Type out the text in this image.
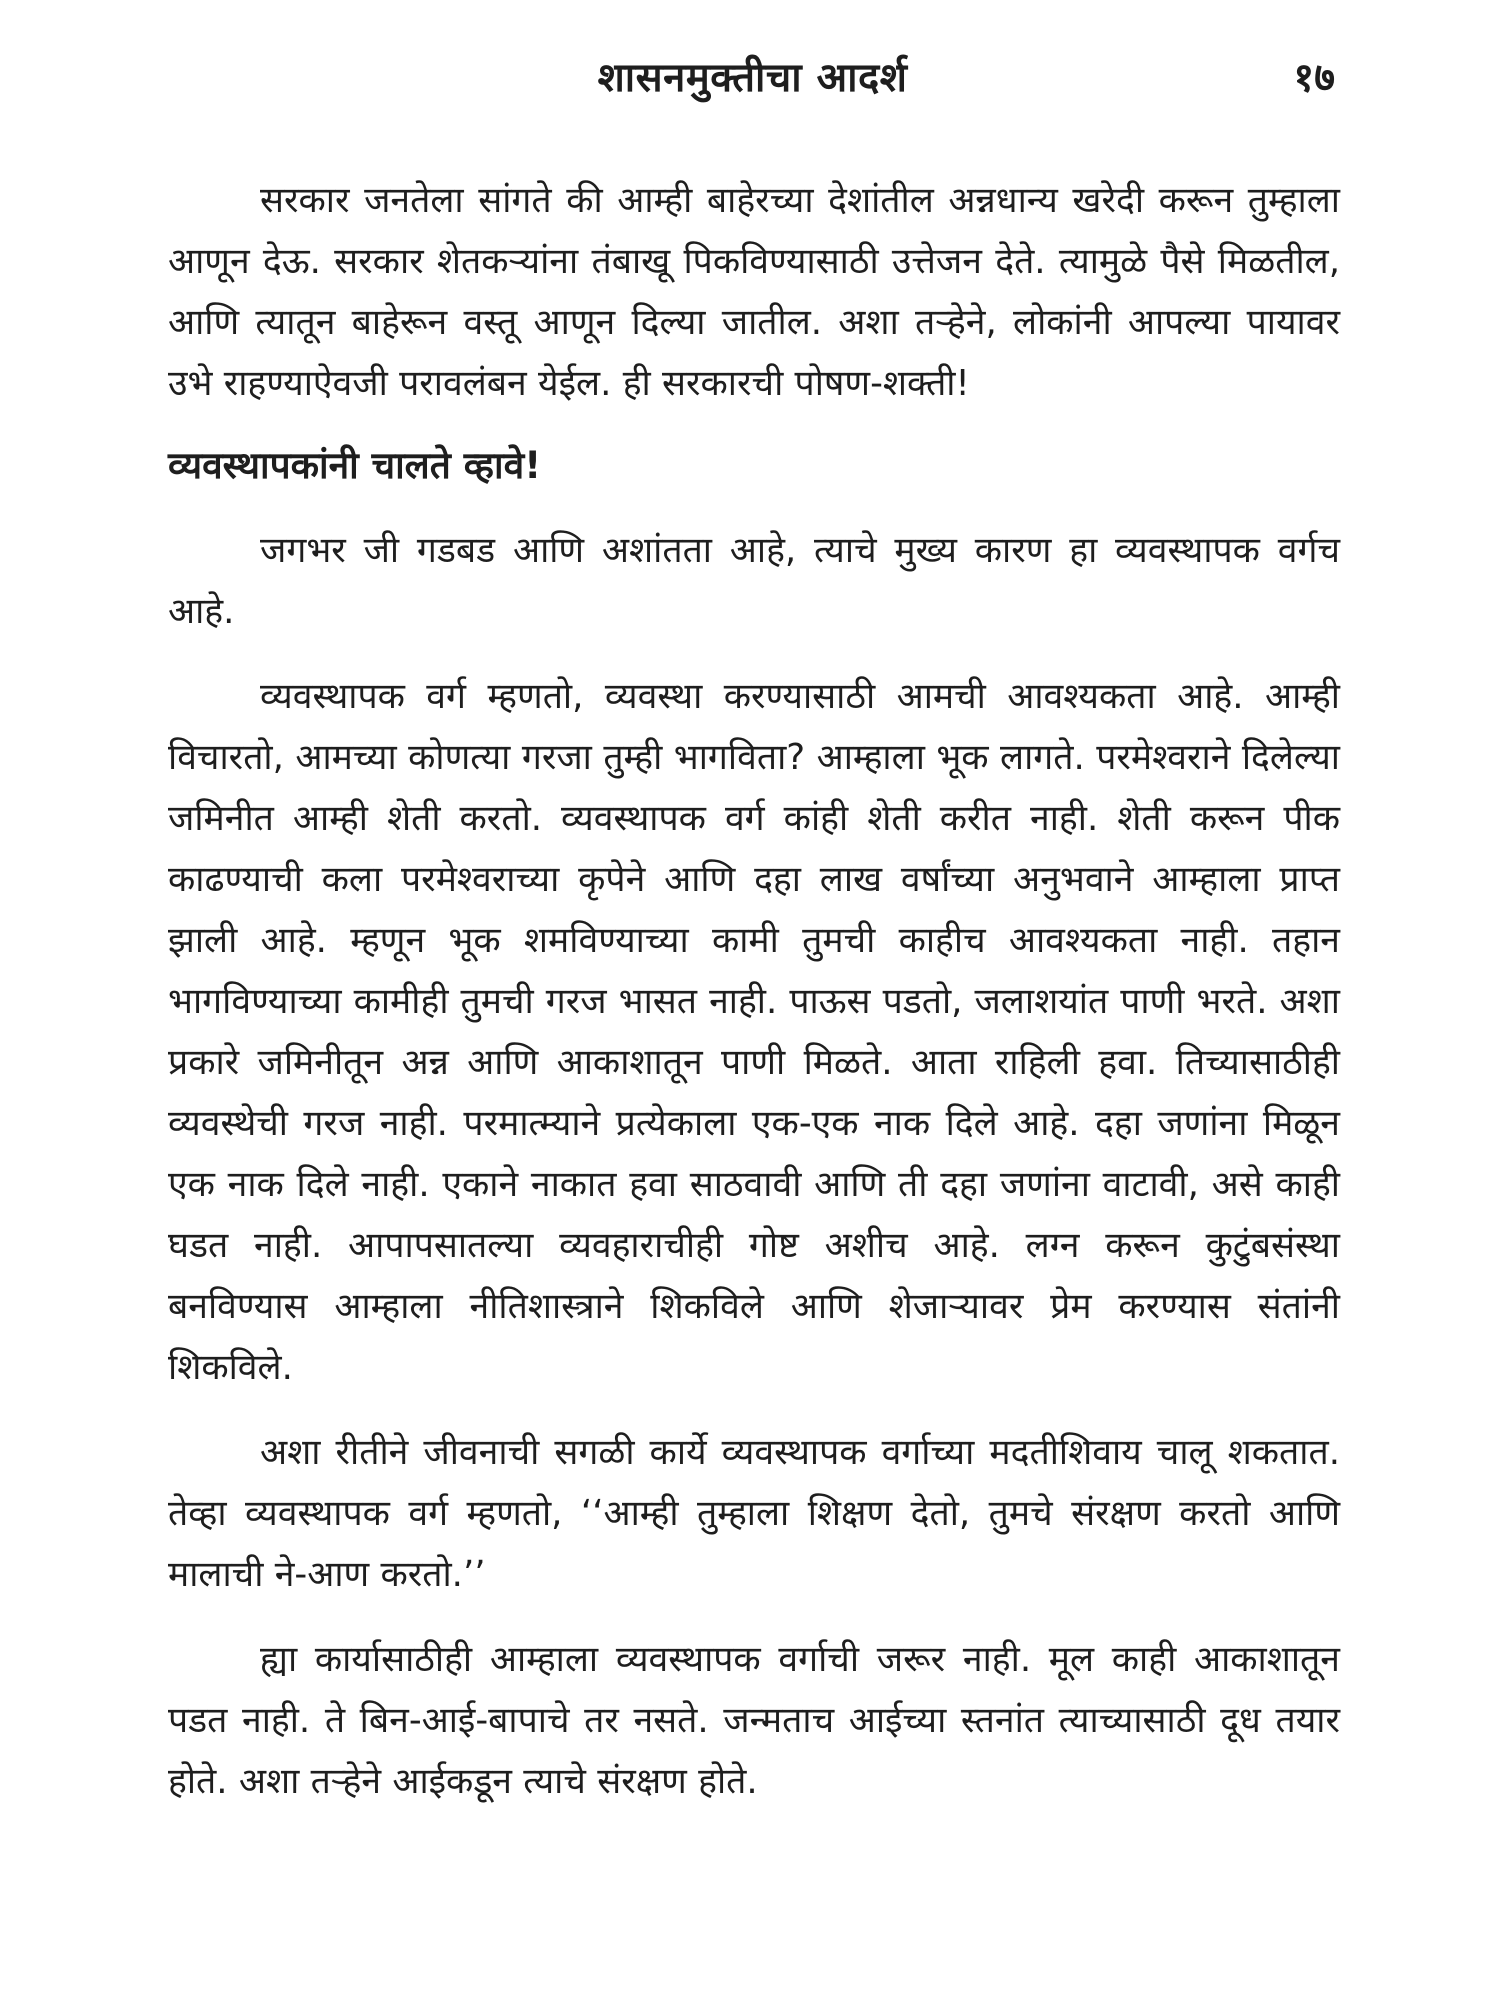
शासनमुक्तीचा आदर्श	१७

सरकार जनतेला सांगते की आम्ही बाहेरच्या देशांतील अन्नधान्य खरेदी करून तुम्हाला आणून देऊ. सरकार शेतकऱ्यांना तंबाखू पिकविण्यासाठी उत्तेजन देते. त्यामुळे पैसे मिळतील, आणि त्यातून बाहेरून वस्तू आणून दिल्या जातील. अशा तऱ्हेने, लोकांनी आपल्या पायावर उभे राहण्याऐवजी परावलंबन येईल. ही सरकारची पोषण-शक्ती!

व्यवस्थापकांनी चालते व्हावे!

जगभर जी गडबड आणि अशांतता आहे, त्याचे मुख्य कारण हा व्यवस्थापक वर्गच आहे.

व्यवस्थापक वर्ग म्हणतो, व्यवस्था करण्यासाठी आमची आवश्यकता आहे. आम्ही विचारतो, आमच्या कोणत्या गरजा तुम्ही भागविता? आम्हाला भूक लागते. परमेश्वराने दिलेल्या जमिनीत आम्ही शेती करतो. व्यवस्थापक वर्ग कांही शेती करीत नाही. शेती करून पीक काढण्याची कला परमेश्वराच्या कृपेने आणि दहा लाख वर्षांच्या अनुभवाने आम्हाला प्राप्त झाली आहे. म्हणून भूक शमविण्याच्या कामी तुमची काहीच आवश्यकता नाही. तहान भागविण्याच्या कामीही तुमची गरज भासत नाही. पाऊस पडतो, जलाशयांत पाणी भरते. अशा प्रकारे जमिनीतून अन्न आणि आकाशातून पाणी मिळते. आता राहिली हवा. तिच्यासाठीही व्यवस्थेची गरज नाही. परमात्म्याने प्रत्येकाला एक-एक नाक दिले आहे. दहा जणांना मिळून एक नाक दिले नाही. एकाने नाकात हवा साठवावी आणि ती दहा जणांना वाटावी, असे काही घडत नाही. आपापसातल्या व्यवहाराचीही गोष्ट अशीच आहे. लग्न करून कुटुंबसंस्था बनविण्यास आम्हाला नीतिशास्त्राने शिकविले आणि शेजाऱ्यावर प्रेम करण्यास संतांनी शिकविले.

अशा रीतीने जीवनाची सगळी कार्ये व्यवस्थापक वर्गाच्या मदतीशिवाय चालू शकतात. तेव्हा व्यवस्थापक वर्ग म्हणतो, ‘‘आम्ही तुम्हाला शिक्षण देतो, तुमचे संरक्षण करतो आणि मालाची ने-आण करतो.’’

ह्या कार्यासाठीही आम्हाला व्यवस्थापक वर्गाची जरूर नाही. मूल काही आकाशातून पडत नाही. ते बिन-आई-बापाचे तर नसते. जन्मताच आईच्या स्तनांत त्याच्यासाठी दूध तयार होते. अशा तऱ्हेने आईकडून त्याचे संरक्षण होते.
